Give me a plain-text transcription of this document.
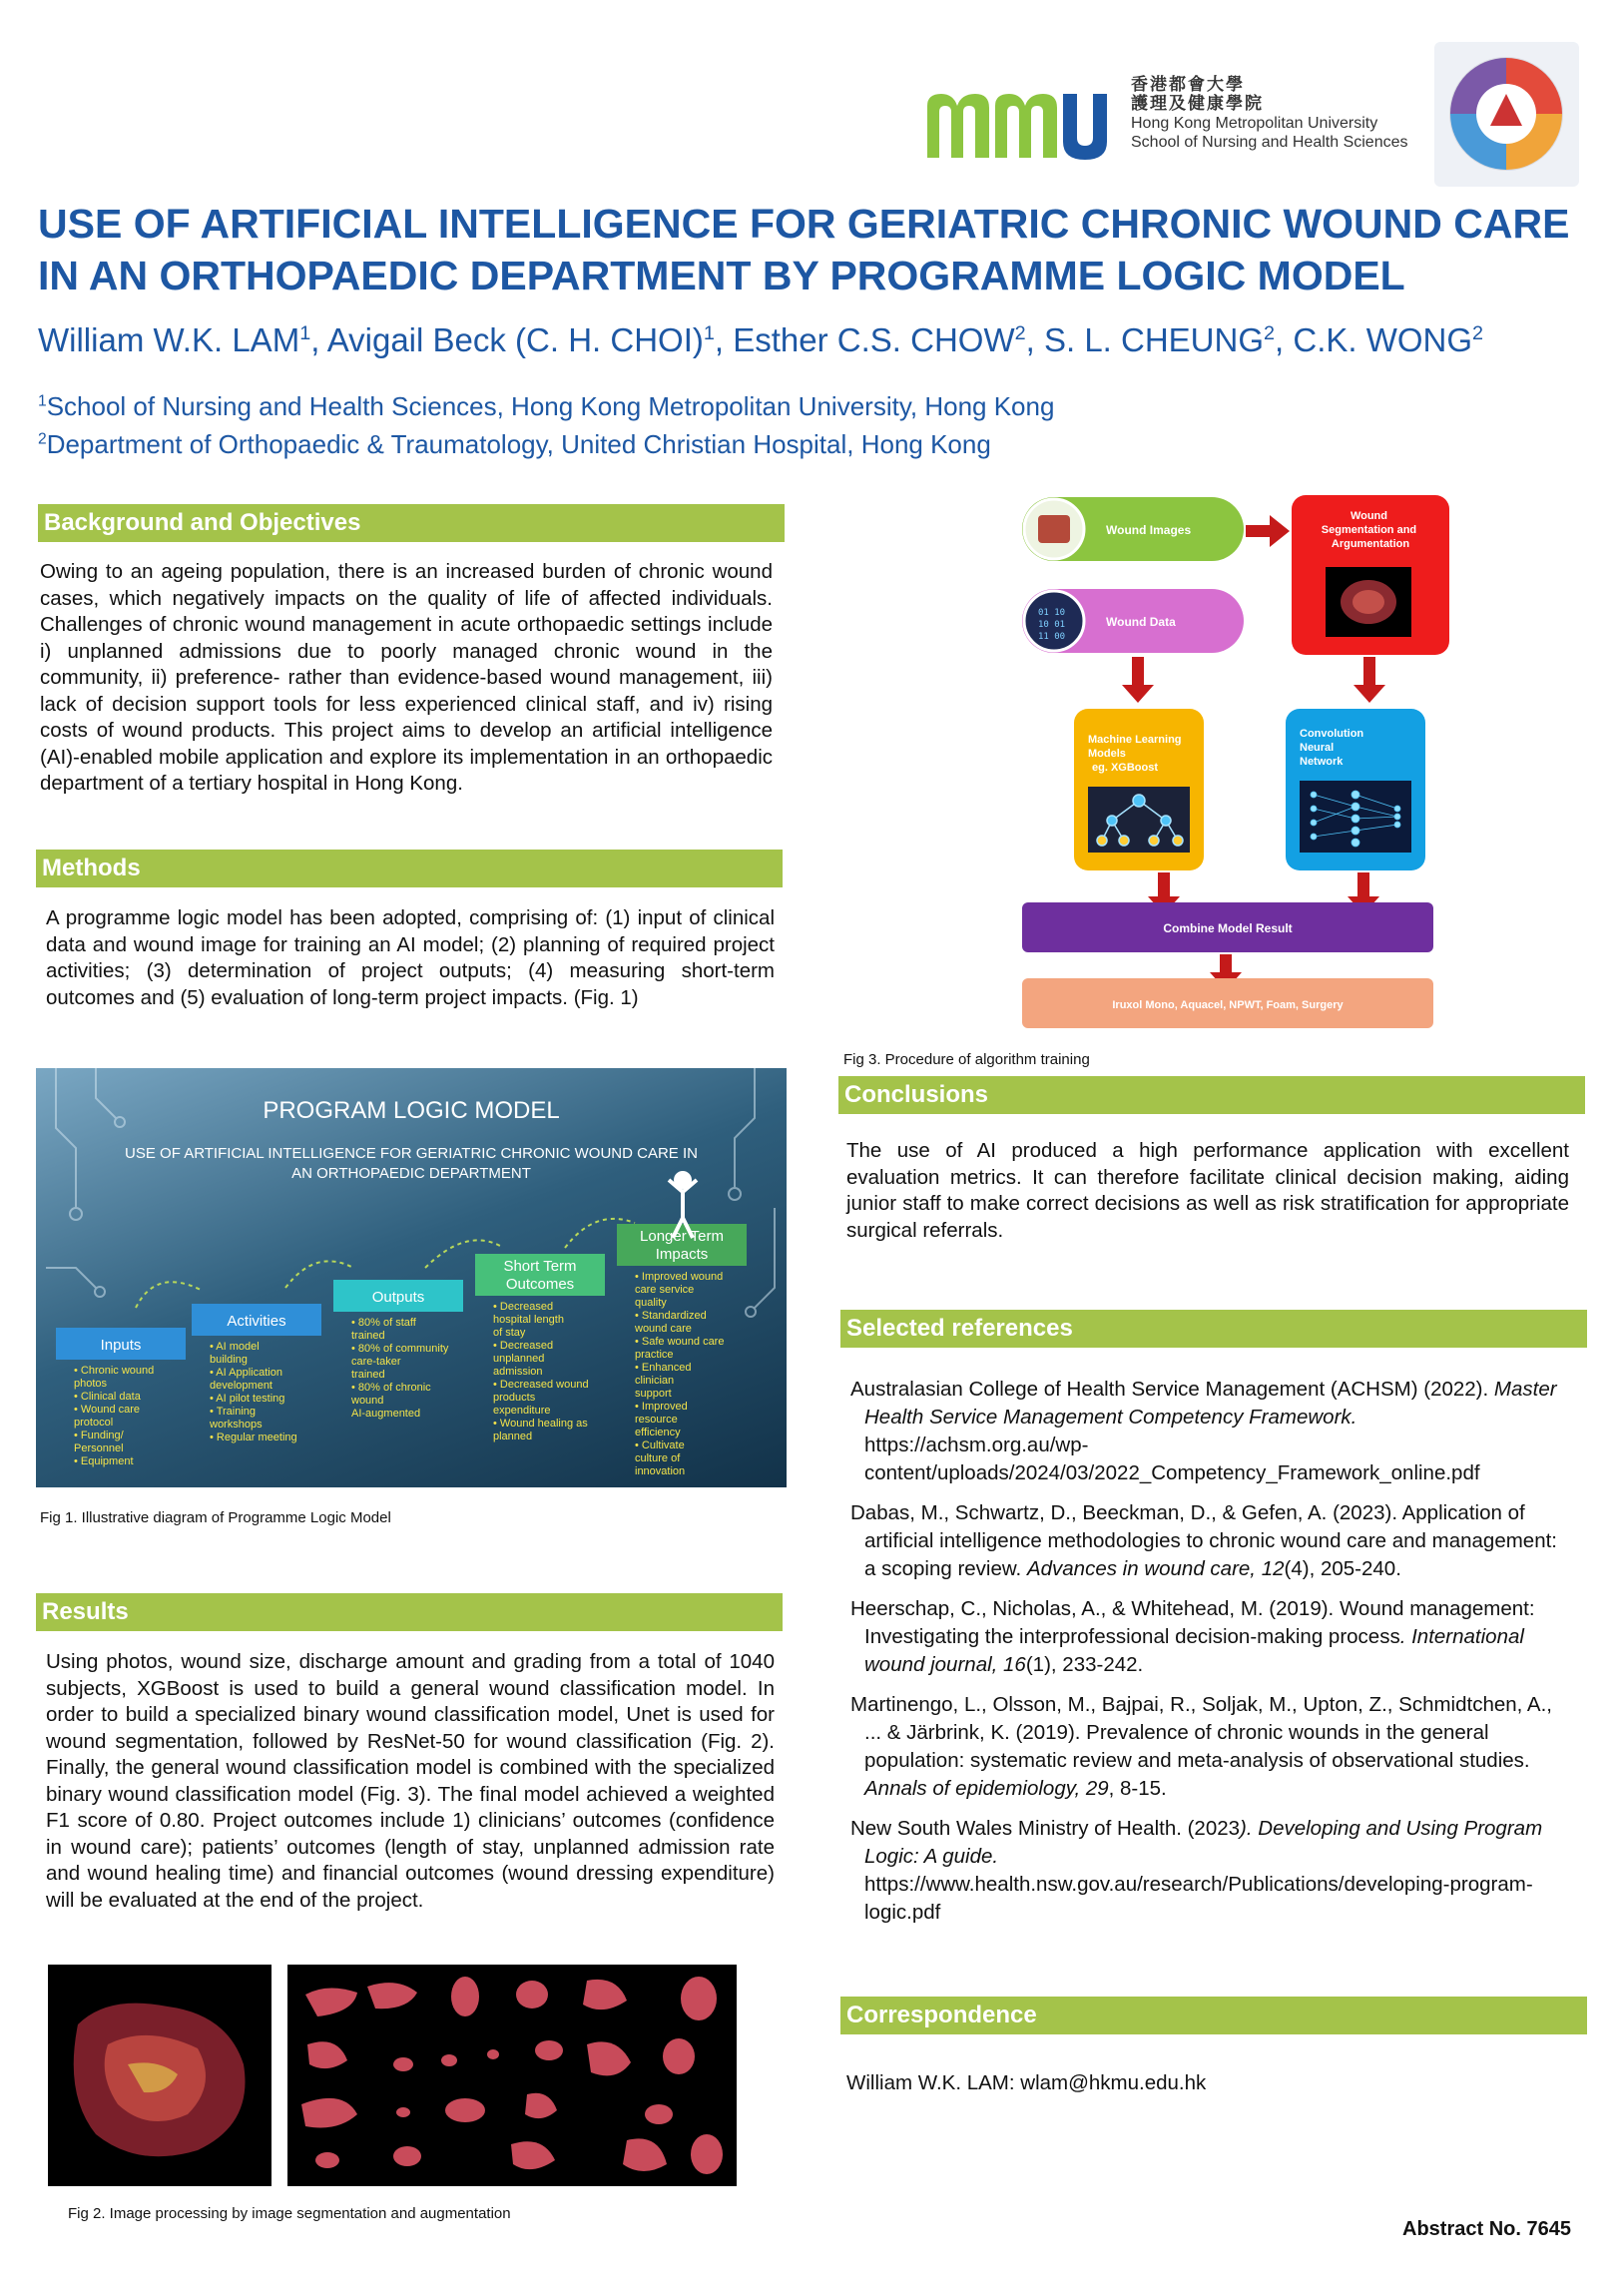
香港都會大學
護理及健康學院
Hong Kong Metropolitan University
School of Nursing and Health Sciences
USE OF ARTIFICIAL INTELLIGENCE FOR GERIATRIC CHRONIC WOUND CARE IN AN ORTHOPAEDIC DEPARTMENT BY PROGRAMME LOGIC MODEL
William W.K. LAM$^1$, Avigail Beck (C. H. CHOI)$^1$, Esther C.S. CHOW$^2$, S. L. CHEUNG$^2$, C.K. WONG$^2$
$^1$School of Nursing and Health Sciences, Hong Kong Metropolitan University, Hong Kong
$^2$Department of Orthopaedic & Traumatology, United Christian Hospital, Hong Kong
Background and Objectives
Owing to an ageing population, there is an increased burden of chronic wound cases, which negatively impacts on the quality of life of affected individuals. Challenges of chronic wound management in acute orthopaedic settings include i) unplanned admissions due to poorly managed chronic wound in the community, ii) preference- rather than evidence-based wound management, iii) lack of decision support tools for less experienced clinical staff, and iv) rising costs of wound products. This project aims to develop an artificial intelligence (AI)-enabled mobile application and explore its implementation in an orthopaedic department of a tertiary hospital in Hong Kong.
Methods
A programme logic model has been adopted, comprising of: (1) input of clinical data and wound image for training an AI model; (2) planning of required project activities; (3) determination of project outputs; (4) measuring short-term outcomes and (5) evaluation of long-term project impacts. (Fig. 1)
PROGRAM LOGIC MODEL
USE OF ARTIFICIAL INTELLIGENCE FOR GERIATRIC CHRONIC WOUND CARE IN
AN ORTHOPAEDIC DEPARTMENT
Inputs
• Chronic wound
photos
• Clinical data
• Wound care
protocol
• Funding/
Personnel
• Equipment
Activities
• AI model
building
• AI Application
development
• AI pilot testing
• Training
workshops
• Regular meeting
Outputs
• 80% of staff
trained
• 80% of community
care-taker
trained
• 80% of chronic
wound
AI-augmented
Short Term
Outcomes
• Decreased
hospital length
of stay
• Decreased
unplanned
admission
• Decreased wound
products
expenditure
• Wound healing as
planned
Longer Term
Impacts
• Improved wound
care service
quality
• Standardized
wound care
• Safe wound care
practice
• Enhanced
clinician
support
• Improved
resource
efficiency
• Cultivate
culture of
innovation
Fig 1. Illustrative diagram of Programme Logic Model
Results
Using photos, wound size, discharge amount and grading from a total of 1040 subjects, XGBoost is used to build a general wound classification model. In order to build a specialized binary wound classification model, Unet is used for wound segmentation, followed by ResNet-50 for wound classification (Fig. 2). Finally, the general wound classification model is combined with the specialized binary wound classification model (Fig. 3). The final model achieved a weighted F1 score of 0.80. Project outcomes include 1) clinicians’ outcomes (confidence in wound care); patients’ outcomes (length of stay, unplanned admission rate and wound healing time) and financial outcomes (wound dressing expenditure) will be evaluated at the end of the project.
Fig 2. Image processing by image segmentation and augmentation
Wound Images
01 10
10 01
11 00
Wound Data
Wound Segmentation and Argumentation
Machine Learning Models eg. XGBoost
Convolution Neural Network
Combine Model Result
Iruxol Mono, Aquacel, NPWT, Foam, Surgery
Fig 3. Procedure of algorithm training
Conclusions
The use of AI produced a high performance application with excellent evaluation metrics. It can therefore facilitate clinical decision making, aiding junior staff to make correct decisions as well as risk stratification for appropriate surgical referrals.
Selected references
Australasian College of Health Service Management (ACHSM) (2022). Master Health Service Management Competency Framework. https://achsm.org.au/wp-content/uploads/2024/03/2022_Competency_Framework_online.pdf
Dabas, M., Schwartz, D., Beeckman, D., & Gefen, A. (2023). Application of artificial intelligence methodologies to chronic wound care and management: a scoping review. Advances in wound care, 12(4), 205-240.
Heerschap, C., Nicholas, A., & Whitehead, M. (2019). Wound management: Investigating the interprofessional decision-making process. International wound journal, 16(1), 233-242.
Martinengo, L., Olsson, M., Bajpai, R., Soljak, M., Upton, Z., Schmidtchen, A., ... & Järbrink, K. (2019). Prevalence of chronic wounds in the general population: systematic review and meta-analysis of observational studies. Annals of epidemiology, 29, 8-15.
New South Wales Ministry of Health. (2023). Developing and Using Program Logic: A guide. https://www.health.nsw.gov.au/research/Publications/developing-program-logic.pdf
Correspondence
William W.K. LAM: wlam@hkmu.edu.hk
Abstract No. 7645
